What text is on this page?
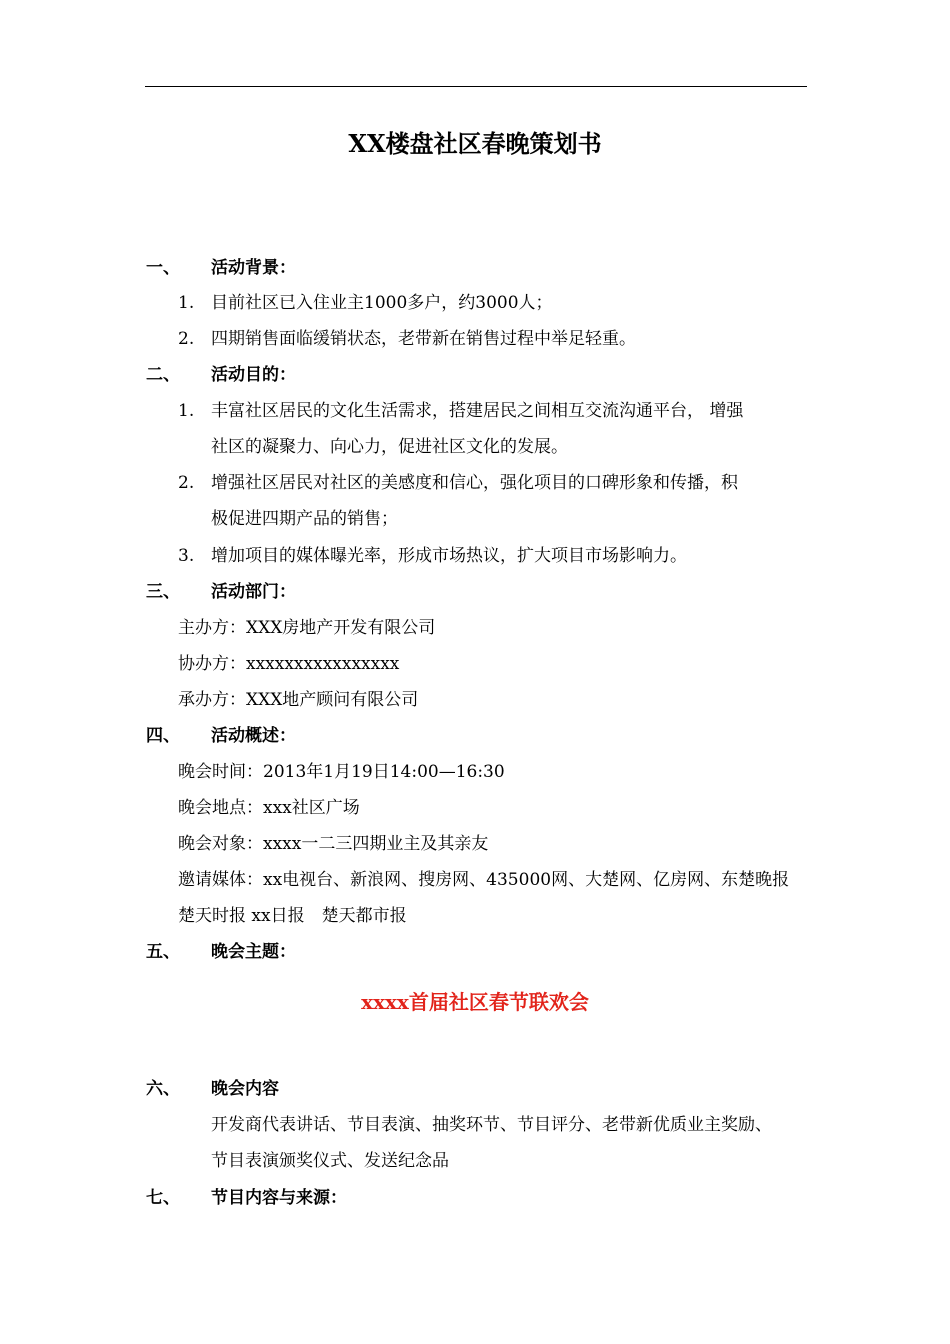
XX楼盘社区春晚策划书
一、 活动背景：
1. 目前社区已入住业主1000多户，约3000人；
2. 四期销售面临缓销状态，老带新在销售过程中举足轻重。
二、 活动目的：
1. 丰富社区居民的文化生活需求，搭建居民之间相互交流沟通平台， 增强
社区的凝聚力、向心力，促进社区文化的发展。
2. 增强社区居民对社区的美感度和信心，强化项目的口碑形象和传播，积
极促进四期产品的销售；
3. 增加项目的媒体曝光率，形成市场热议，扩大项目市场影响力。
三、 活动部门：
主办方：XXX房地产开发有限公司
协办方：xxxxxxxxxxxxxxxx
承办方：XXX地产顾问有限公司
四、 活动概述：
晚会时间：2013年1月19日14:00—16:30
晚会地点：xxx社区广场
晚会对象：xxxx一二三四期业主及其亲友
邀请媒体：xx电视台、新浪网、搜房网、435000网、大楚网、亿房网、东楚晚报
楚天时报 xx日报　楚天都市报
五、 晚会主题：
xxxx首届社区春节联欢会
六、 晚会内容
开发商代表讲话、节目表演、抽奖环节、节目评分、老带新优质业主奖励、
节目表演颁奖仪式、发送纪念品
七、 节目内容与来源：
